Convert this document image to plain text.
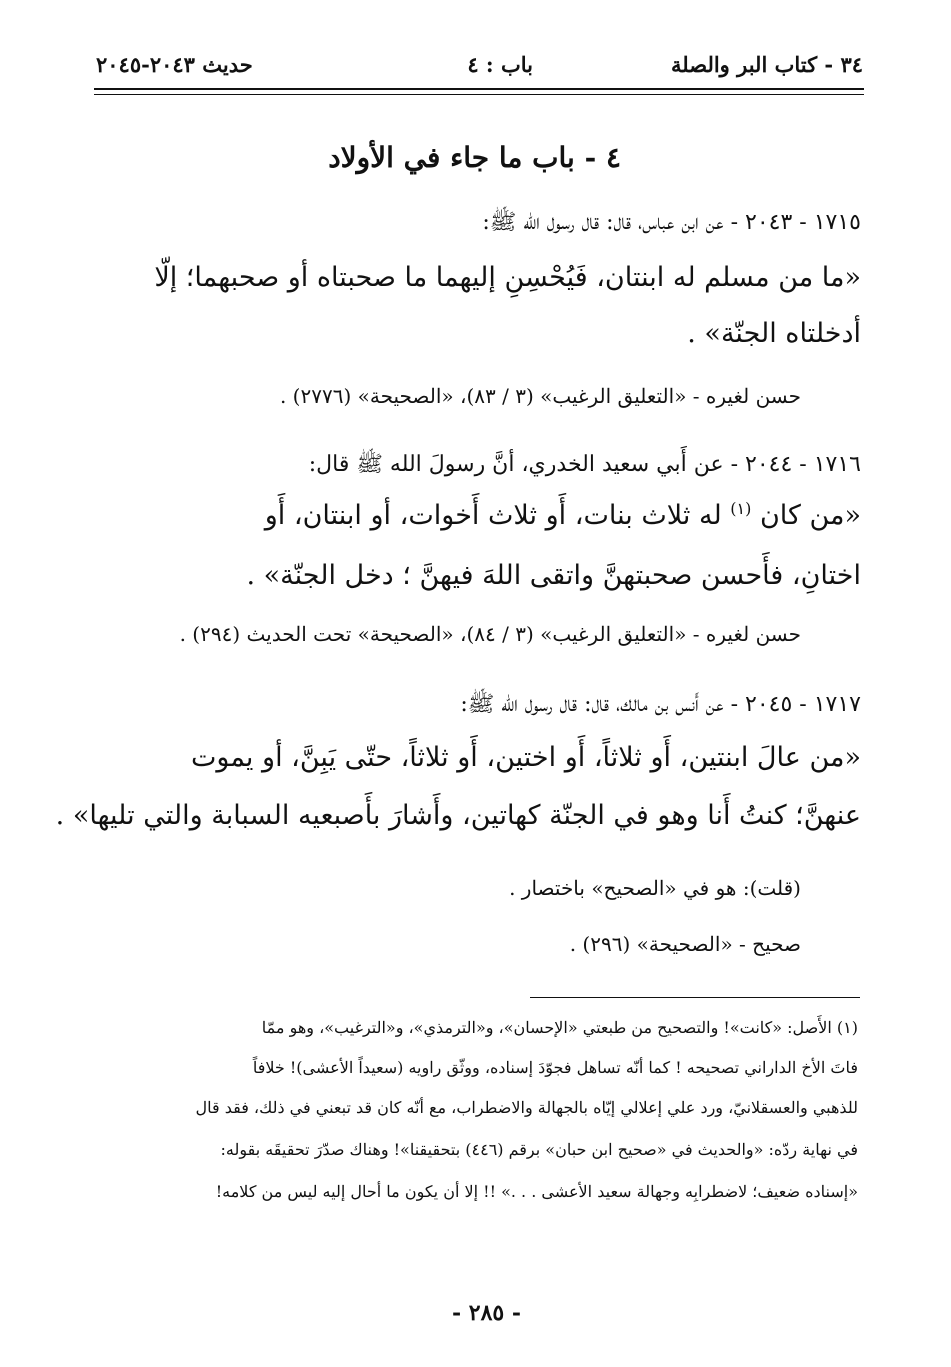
٣٤ - كتاب البر والصلة
باب : ٤
حديث ٢٠٤٣-٢٠٤٥
٤ - باب ما جاء في الأولاد
١٧١٥ - ٢٠٤٣ - عن ابن عباس، قال: قال رسول الله ﷺ:
«ما من مسلم له ابنتان، فَيُحْسِنِ إليهما ما صحبتاه أو صحبهما؛ إلّا
أدخلتاه الجنّة» .
حسن لغيره - «التعليق الرغيب» (٣ / ٨٣)، «الصحيحة» (٢٧٧٦) .
١٧١٦ - ٢٠٤٤ - عن أَبي سعيد الخدري، أنَّ رسولَ الله ﷺ قال:
«من كان $^{(١)}$ له ثلاث بنات، أَو ثلاث أَخوات، أو ابنتان، أَو
اختانِ، فأَحسن صحبتهنَّ واتقى اللهَ فيهنَّ ؛ دخل الجنّة» .
حسن لغيره - «التعليق الرغيب» (٣ / ٨٤)، «الصحيحة» تحت الحديث (٢٩٤) .
١٧١٧ - ٢٠٤٥ - عن أَنس بن مالك، قال: قال رسول الله ﷺ:
«من عالَ ابنتين، أَو ثلاثاً، أَو اختين، أَو ثلاثاً، حتّى يَبِنَّ، أو يموت
عنهنَّ؛ كنتُ أَنا وهو في الجنّة كهاتين، وأَشارَ بأَصبعيه السبابة والتي تليها» .
(قلت): هو في «الصحيح» باختصار .
صحيح - «الصحيحة» (٢٩٦) .
(١) الأَصل: «كانت»! والتصحيح من طبعتي «الإحسان»، و«الترمذي»، و«الترغيب»، وهو ممّا
فاتَ الأخ الداراني تصحيحه ! كما أنّه تساهل فجوّدَ إسناده، ووثّق راويه (سعيداً الأعشى)! خلافاً
للذهبي والعسقلانيّ، ورد علي إعلالي إيّاه بالجهالة والاضطراب، مع أنّه كان قد تبعني في ذلك، فقد قال
في نهاية ردّه: «والحديث في «صحيح ابن حبان» برقم (٤٤٦) بتحقيقنا»! وهناك صدّرَ تحقيقَه بقوله:
«إسناده ضعيف؛ لاضطرابِه وجهالة سعيد الأعشى . . .» !! إلا أن يكون ما أحال إليه ليس من كلامه!
- ٢٨٥ -
